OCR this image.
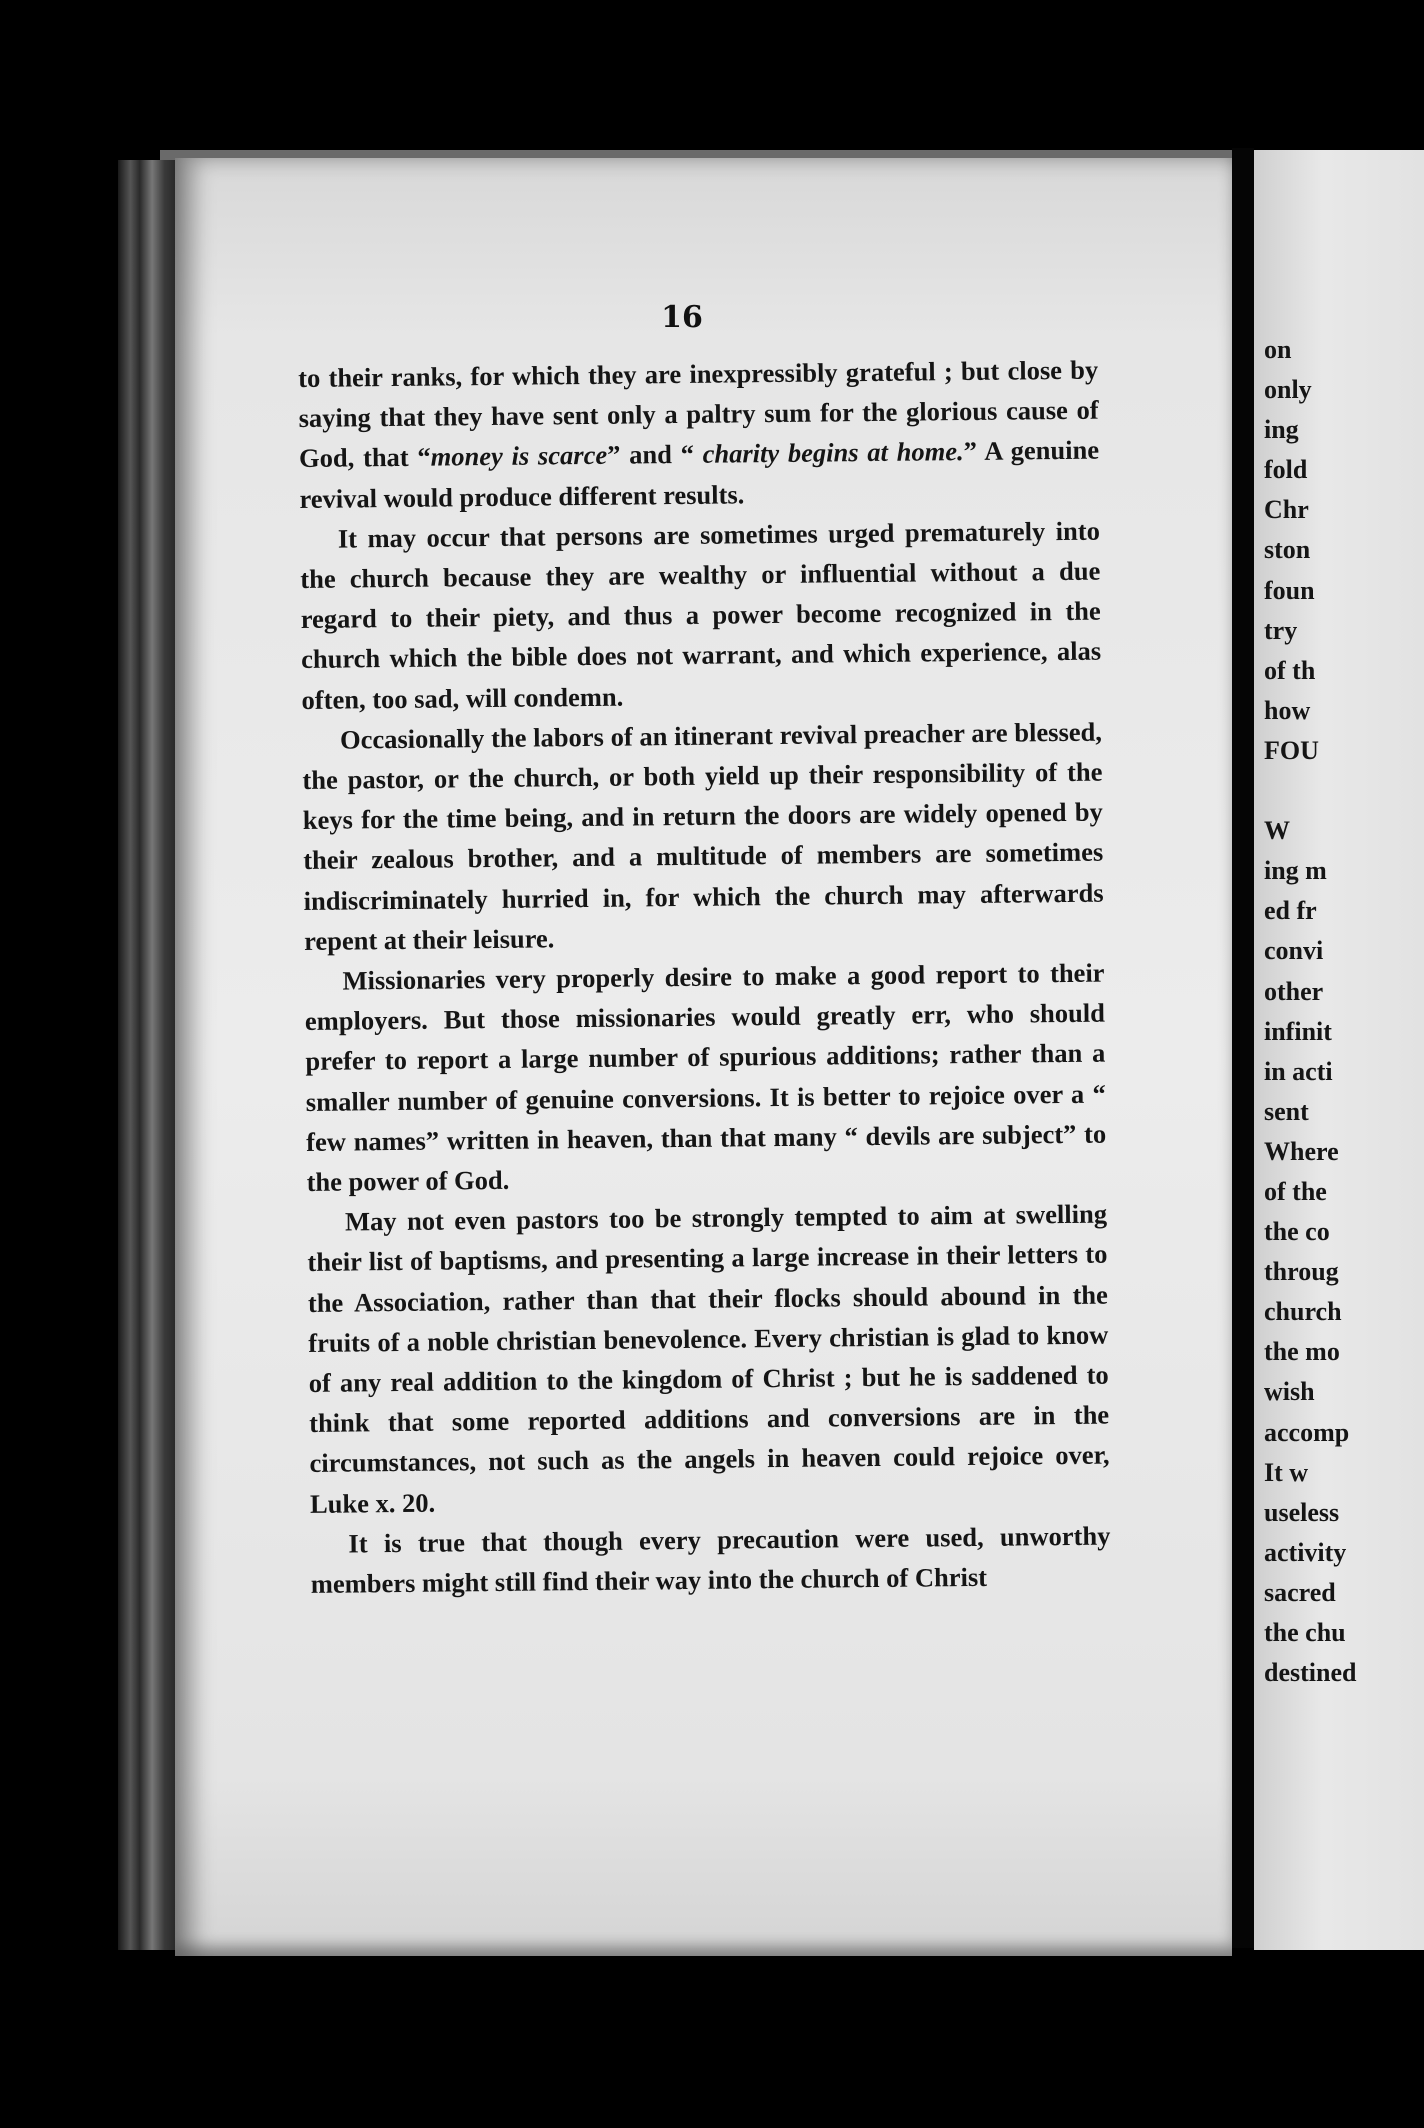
on
only
ing
fold
Chr
ston
foun
try
of th
how
FOU

W
ing m
ed fr
convi
other
infinit
in acti
sent
Where
of the
the co
throug
church
the mo
wish
accomp
It w
useless
activity
sacred
the chu
destined
16

to their ranks, for which they are inexpressibly grateful ; but close by saying that they have sent only a paltry sum for the glorious cause of God, that “money is scarce” and “ charity begins at home.” A genuine revival would produce different results.

It may occur that persons are sometimes urged prematurely into the church because they are wealthy or influential without a due regard to their piety, and thus a power become recognized in the church which the bible does not warrant, and which experience, alas often, too sad, will condemn.

Occasionally the labors of an itinerant revival preacher are blessed, the pastor, or the church, or both yield up their responsibility of the keys for the time being, and in return the doors are widely opened by their zealous brother, and a multitude of members are sometimes indiscriminately hurried in, for which the church may afterwards repent at their leisure.

Missionaries very properly desire to make a good report to their employers. But those missionaries would greatly err, who should prefer to report a large number of spurious additions; rather than a smaller number of genuine conversions. It is better to rejoice over a “ few names” written in heaven, than that many “ devils are subject” to the power of God.

May not even pastors too be strongly tempted to aim at swelling their list of baptisms, and presenting a large increase in their letters to the Association, rather than that their flocks should abound in the fruits of a noble christian benevolence. Every christian is glad to know of any real addition to the kingdom of Christ ; but he is saddened to think that some reported additions and conversions are in the circumstances, not such as the angels in heaven could rejoice over, Luke x. 20.

It is true that though every precaution were used, unworthy members might still find their way into the church of Christ
